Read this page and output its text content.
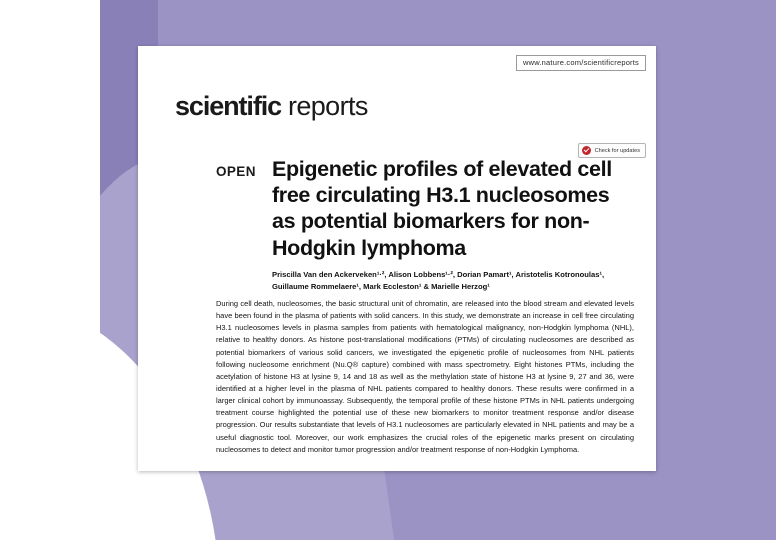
www.nature.com/scientificreports
scientific reports
Check for updates
OPEN Epigenetic profiles of elevated cell free circulating H3.1 nucleosomes as potential biomarkers for non-Hodgkin lymphoma
Priscilla Van den Ackerveken¹·², Alison Lobbens¹·², Dorian Pamart¹, Aristotelis Kotronoulas¹, Guillaume Rommelaere¹, Mark Eccleston¹ & Marielle Herzog¹
During cell death, nucleosomes, the basic structural unit of chromatin, are released into the blood stream and elevated levels have been found in the plasma of patients with solid cancers. In this study, we demonstrate an increase in cell free circulating H3.1 nucleosomes levels in plasma samples from patients with hematological malignancy, non-Hodgkin lymphoma (NHL), relative to healthy donors. As histone post-translational modifications (PTMs) of circulating nucleosomes are described as potential biomarkers of various solid cancers, we investigated the epigenetic profile of nucleosomes from NHL patients following nucleosome enrichment (Nu.Q® capture) combined with mass spectrometry. Eight histones PTMs, including the acetylation of histone H3 at lysine 9, 14 and 18 as well as the methylation state of histone H3 at lysine 9, 27 and 36, were identified at a higher level in the plasma of NHL patients compared to healthy donors. These results were confirmed in a larger clinical cohort by immunoassay. Subsequently, the temporal profile of these histone PTMs in NHL patients undergoing treatment course highlighted the potential use of these new biomarkers to monitor treatment response and/or disease progression. Our results substantiate that levels of H3.1 nucleosomes are particularly elevated in NHL patients and may be a useful diagnostic tool. Moreover, our work emphasizes the crucial roles of the epigenetic marks present on circulating nucleosomes to detect and monitor tumor progression and/or treatment response of non-Hodgkin Lymphoma.
